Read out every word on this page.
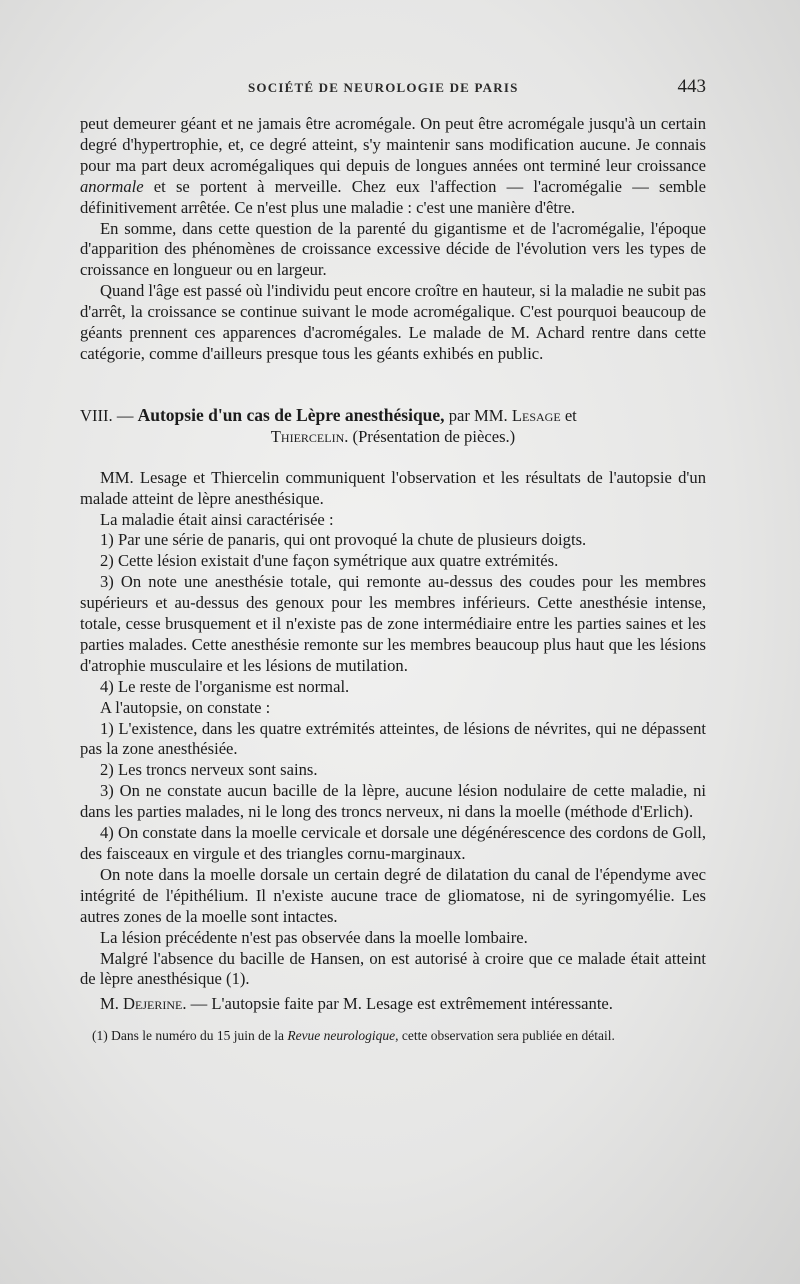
SOCIÉTÉ DE NEUROLOGIE DE PARIS	443

peut demeurer géant et ne jamais être acromégale. On peut être acromégale jusqu'à un certain degré d'hypertrophie, et, ce degré atteint, s'y maintenir sans modification aucune. Je connais pour ma part deux acromégaliques qui depuis de longues années ont terminé leur croissance anormale et se portent à merveille. Chez eux l'affection — l'acromégalie — semble définitivement arrêtée. Ce n'est plus une maladie : c'est une manière d'être.

En somme, dans cette question de la parenté du gigantisme et de l'acromégalie, l'époque d'apparition des phénomènes de croissance excessive décide de l'évolution vers les types de croissance en longueur ou en largeur.

Quand l'âge est passé où l'individu peut encore croître en hauteur, si la maladie ne subit pas d'arrêt, la croissance se continue suivant le mode acromégalique. C'est pourquoi beaucoup de géants prennent ces apparences d'acromégales. Le malade de M. Achard rentre dans cette catégorie, comme d'ailleurs presque tous les géants exhibés en public.

VIII. — Autopsie d'un cas de Lèpre anesthésique, par MM. Lesage et
Thiercelin. (Présentation de pièces.)

MM. Lesage et Thiercelin communiquent l'observation et les résultats de l'autopsie d'un malade atteint de lèpre anesthésique.

La maladie était ainsi caractérisée :

1) Par une série de panaris, qui ont provoqué la chute de plusieurs doigts.

2) Cette lésion existait d'une façon symétrique aux quatre extrémités.

3) On note une anesthésie totale, qui remonte au-dessus des coudes pour les membres supérieurs et au-dessus des genoux pour les membres inférieurs. Cette anesthésie intense, totale, cesse brusquement et il n'existe pas de zone intermédiaire entre les parties saines et les parties malades. Cette anesthésie remonte sur les membres beaucoup plus haut que les lésions d'atrophie musculaire et les lésions de mutilation.

4) Le reste de l'organisme est normal.

A l'autopsie, on constate :

1) L'existence, dans les quatre extrémités atteintes, de lésions de névrites, qui ne dépassent pas la zone anesthésiée.

2) Les troncs nerveux sont sains.

3) On ne constate aucun bacille de la lèpre, aucune lésion nodulaire de cette maladie, ni dans les parties malades, ni le long des troncs nerveux, ni dans la moelle (méthode d'Erlich).

4) On constate dans la moelle cervicale et dorsale une dégénérescence des cordons de Goll, des faisceaux en virgule et des triangles cornu-marginaux.

On note dans la moelle dorsale un certain degré de dilatation du canal de l'épendyme avec intégrité de l'épithélium. Il n'existe aucune trace de gliomatose, ni de syringomyélie. Les autres zones de la moelle sont intactes.

La lésion précédente n'est pas observée dans la moelle lombaire.

Malgré l'absence du bacille de Hansen, on est autorisé à croire que ce malade était atteint de lèpre anesthésique (1).

M. Dejerine. — L'autopsie faite par M. Lesage est extrêmement intéressante.

(1) Dans le numéro du 15 juin de la Revue neurologique, cette observation sera publiée en détail.
